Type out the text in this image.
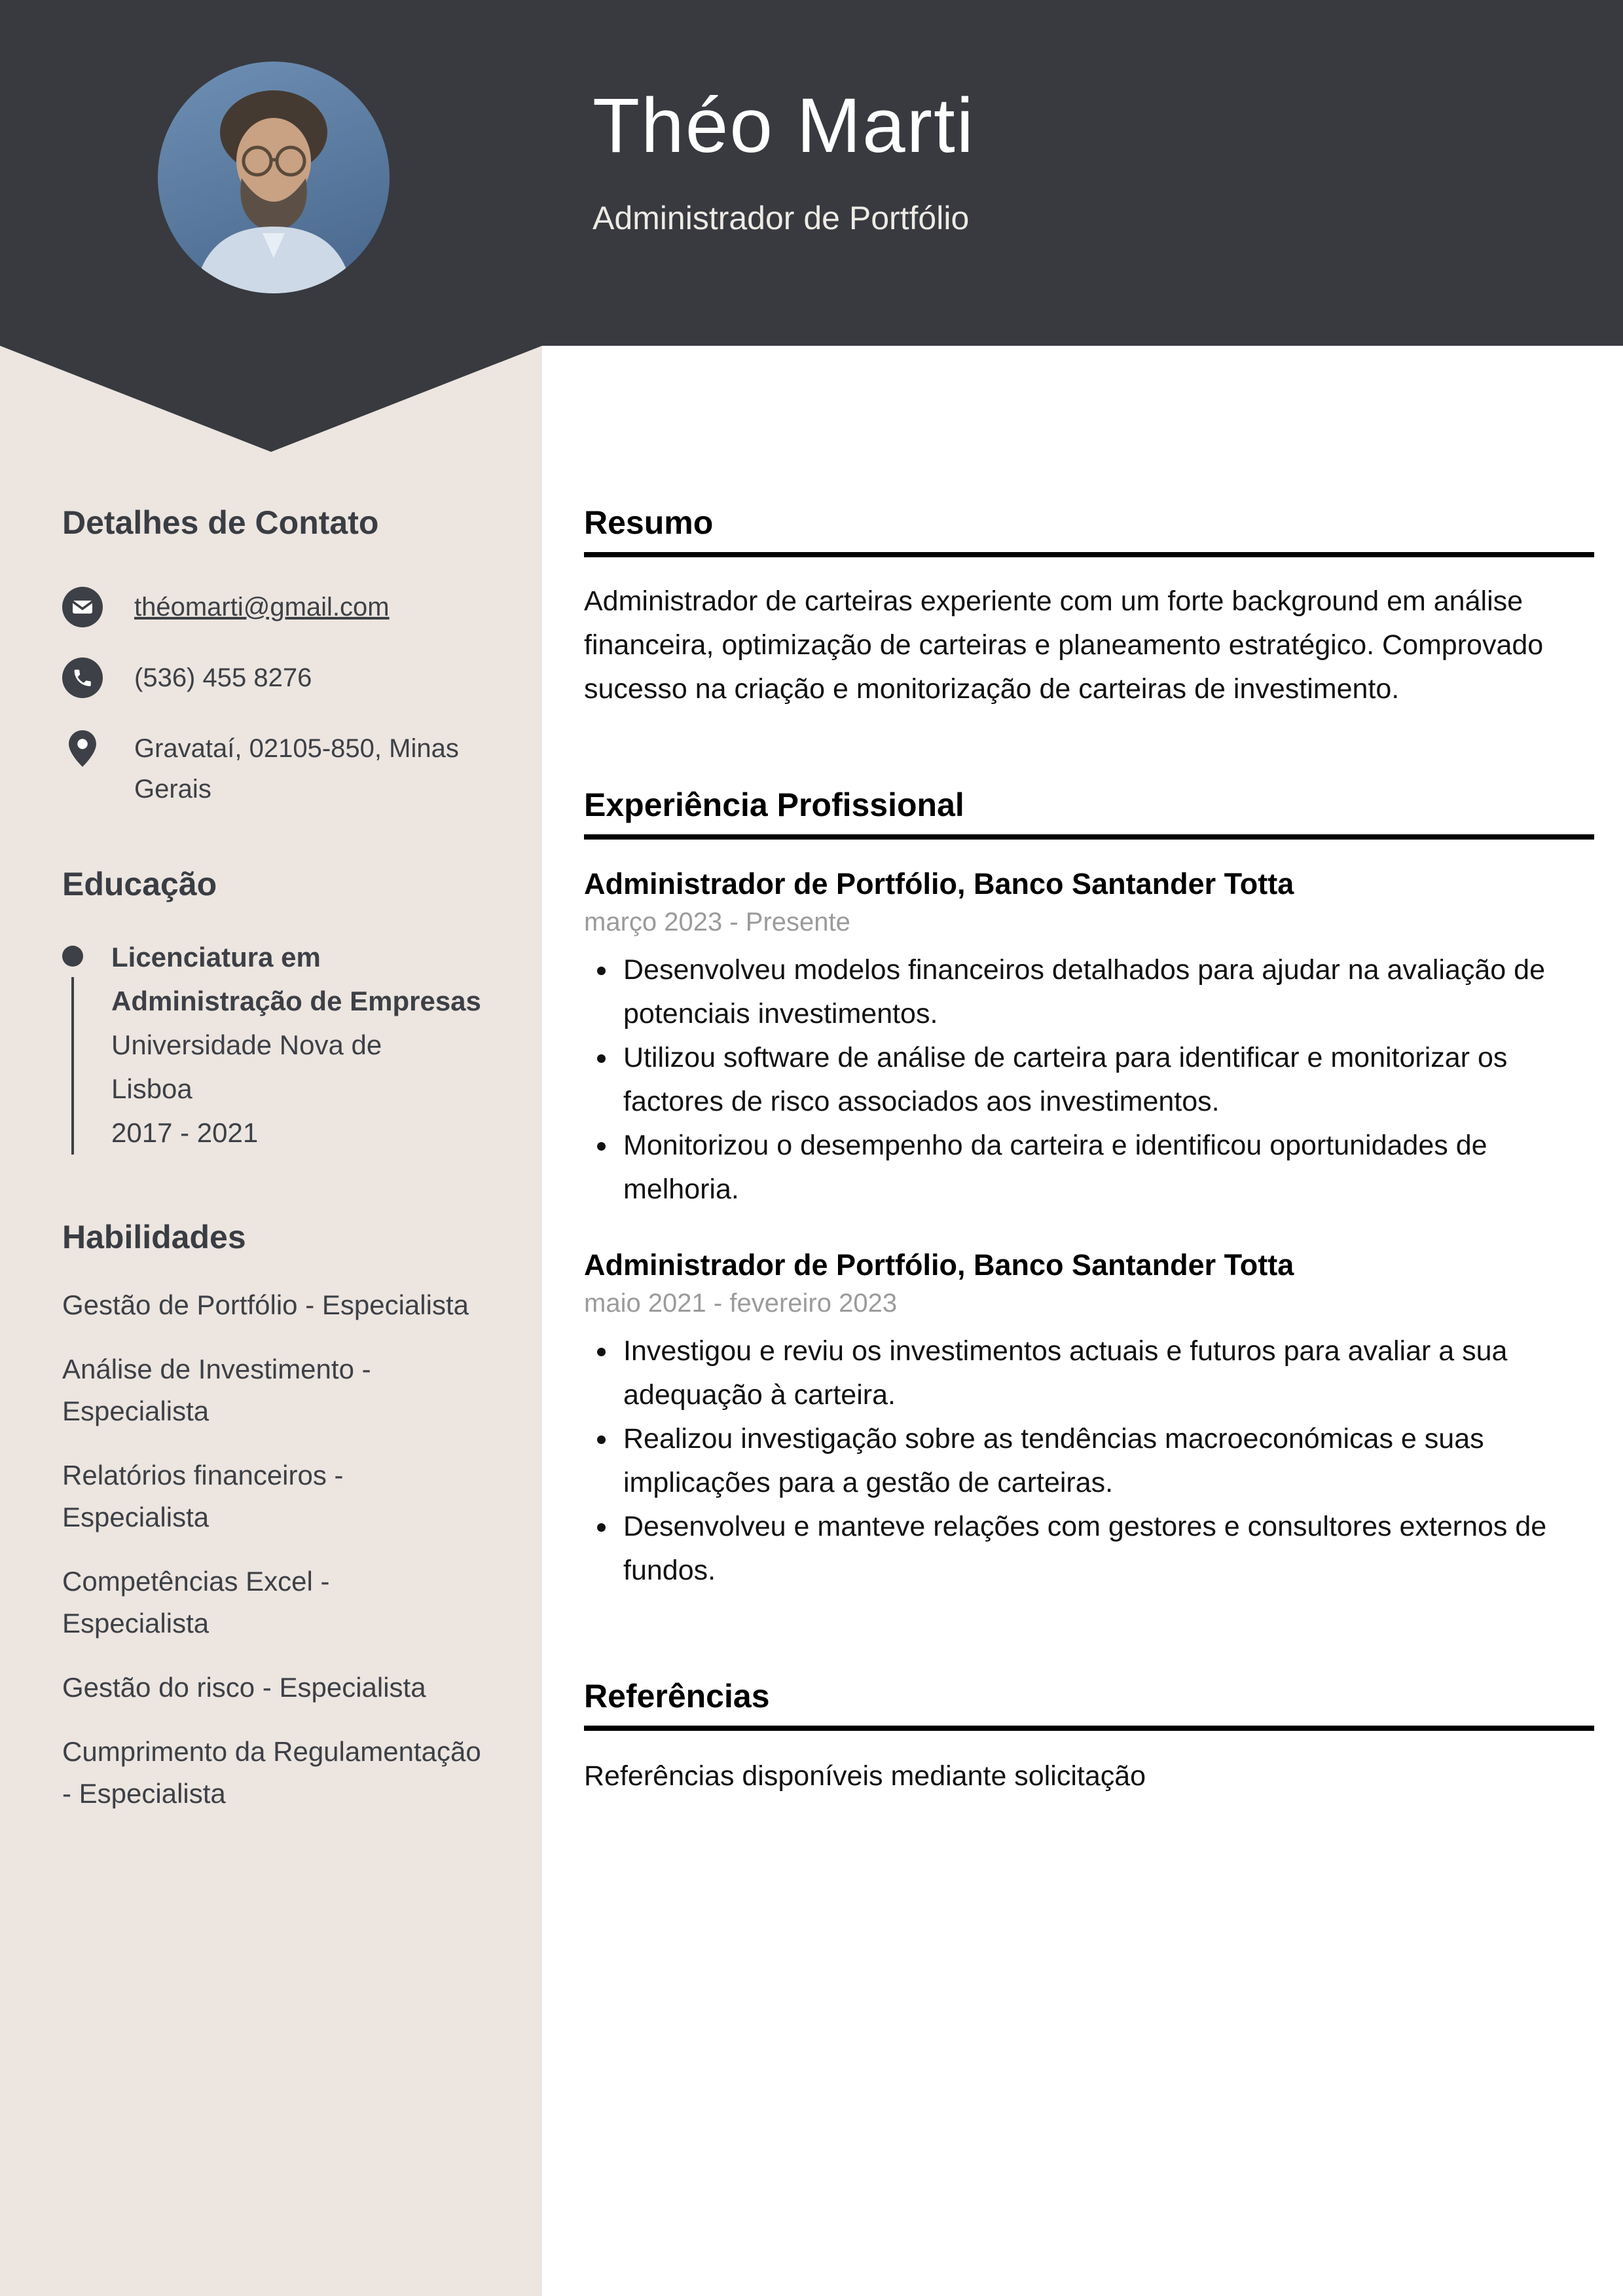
Théo Marti
Administrador de Portfólio
Detalhes de Contato
théomarti@gmail.com
(536) 455 8276
Gravataí, 02105-850, Minas Gerais
Educação
Licenciatura em
Administração de Empresas
Universidade Nova de
Lisboa
2017 - 2021
Habilidades
Gestão de Portfólio - Especialista
Análise de Investimento - Especialista
Relatórios financeiros - Especialista
Competências Excel - Especialista
Gestão do risco - Especialista
Cumprimento da Regulamentação - Especialista
Resumo

Administrador de carteiras experiente com um forte background em análise financeira, optimização de carteiras e planeamento estratégico. Comprovado sucesso na criação e monitorização de carteiras de investimento.

Experiência Profissional
Administrador de Portfólio, Banco Santander Totta
março 2023 - Presente
• Desenvolveu modelos financeiros detalhados para ajudar na avaliação de potenciais investimentos.
• Utilizou software de análise de carteira para identificar e monitorizar os factores de risco associados aos investimentos.
• Monitorizou o desempenho da carteira e identificou oportunidades de melhoria.
Administrador de Portfólio, Banco Santander Totta
maio 2021 - fevereiro 2023
• Investigou e reviu os investimentos actuais e futuros para avaliar a sua adequação à carteira.
• Realizou investigação sobre as tendências macroeconómicas e suas implicações para a gestão de carteiras.
• Desenvolveu e manteve relações com gestores e consultores externos de fundos.
Referências

Referências disponíveis mediante solicitação
